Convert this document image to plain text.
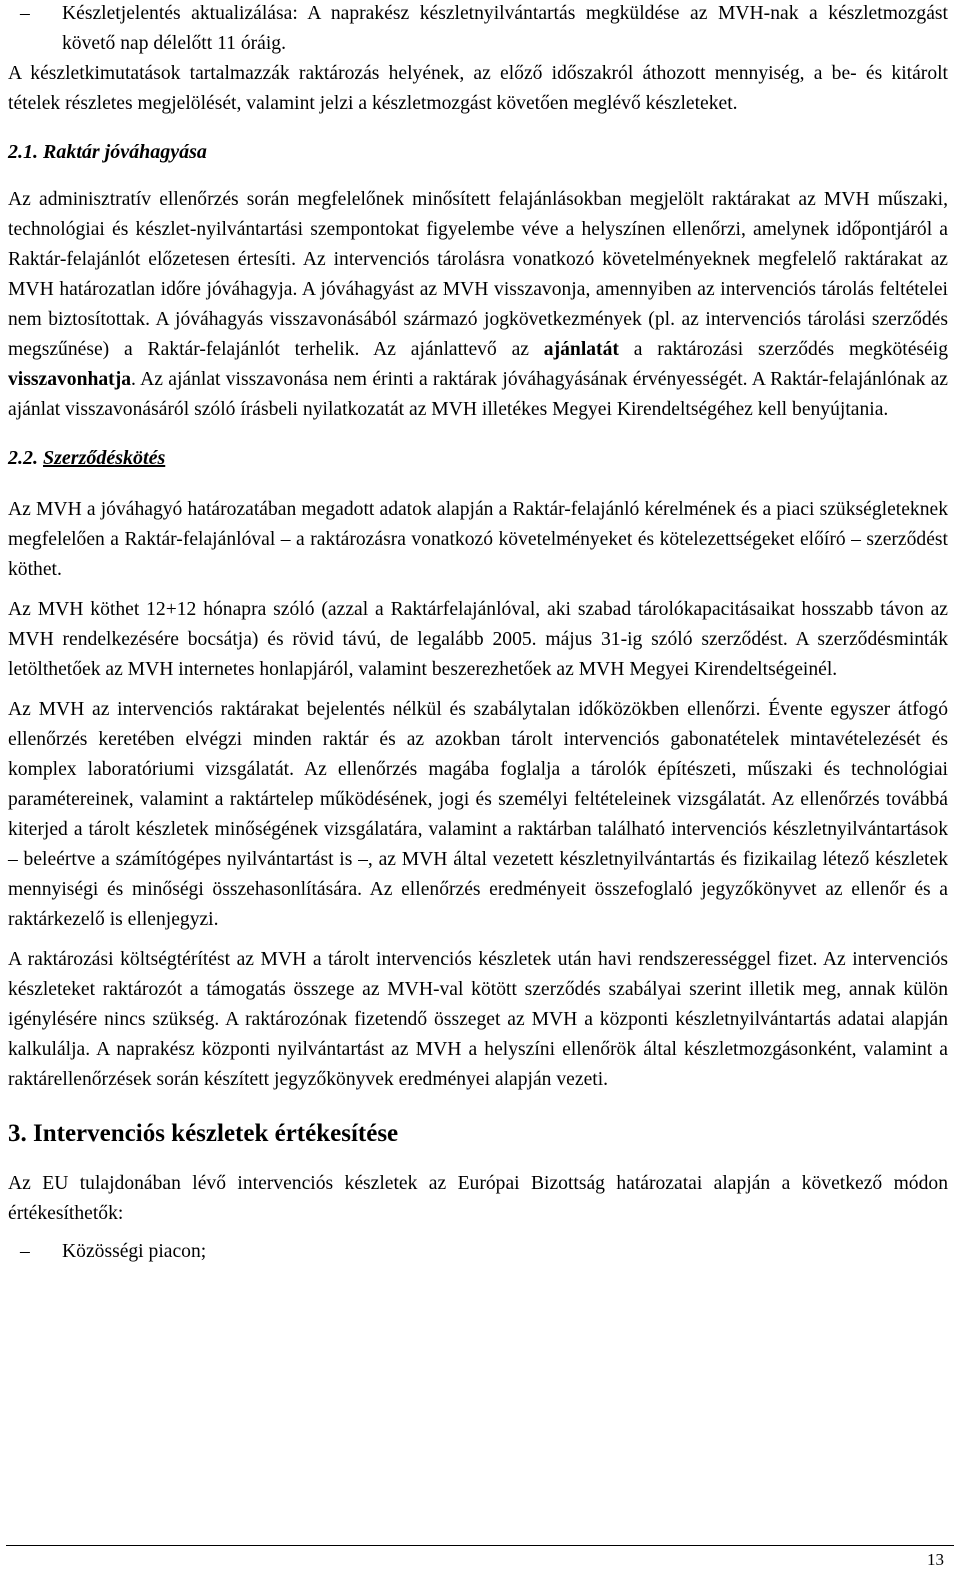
–	Készletjelentés aktualizálása: A naprakész készletnyilvántartás megküldése az MVH-nak a készletmozgást követő nap délelőtt 11 óráig.

A készletkimutatások tartalmazzák raktározás helyének, az előző időszakról áthozott mennyiség, a be- és kitárolt tételek részletes megjelölését, valamint jelzi a készletmozgást követően meglévő készleteket.

2.1. Raktár jóváhagyása

Az adminisztratív ellenőrzés során megfelelőnek minősített felajánlásokban megjelölt raktárakat az MVH műszaki, technológiai és készlet-nyilvántartási szempontokat figyelembe véve a helyszínen ellenőrzi, amelynek időpontjáról a Raktár-felajánlót előzetesen értesíti. Az intervenciós tárolásra vonatkozó követelményeknek megfelelő raktárakat az MVH határozatlan időre jóváhagyja. A jóváhagyást az MVH visszavonja, amennyiben az intervenciós tárolás feltételei nem biztosítottak. A jóváhagyás visszavonásából származó jogkövetkezmények (pl. az intervenciós tárolási szerződés megszűnése) a Raktár-felajánlót terhelik. Az ajánlattevő az ajánlatát a raktározási szerződés megkötéséig visszavonhatja. Az ajánlat visszavonása nem érinti a raktárak jóváhagyásának érvényességét. A Raktár-felajánlónak az ajánlat visszavonásáról szóló írásbeli nyilatkozatát az MVH illetékes Megyei Kirendeltségéhez kell benyújtania.

2.2. Szerződéskötés

Az MVH a jóváhagyó határozatában megadott adatok alapján a Raktár-felajánló kérelmének és a piaci szükségleteknek megfelelően a Raktár-felajánlóval – a raktározásra vonatkozó követelményeket és kötelezettségeket előíró – szerződést köthet.

Az MVH köthet 12+12 hónapra szóló (azzal a Raktárfelajánlóval, aki szabad tárolókapacitásaikat hosszabb távon az MVH rendelkezésére bocsátja) és rövid távú, de legalább 2005. május 31-ig szóló szerződést. A szerződésminták letölthetőek az MVH internetes honlapjáról, valamint beszerezhetőek az MVH Megyei Kirendeltségeinél.

Az MVH az intervenciós raktárakat bejelentés nélkül és szabálytalan időközökben ellenőrzi. Évente egyszer átfogó ellenőrzés keretében elvégzi minden raktár és az azokban tárolt intervenciós gabonatételek mintavételezését és komplex laboratóriumi vizsgálatát. Az ellenőrzés magába foglalja a tárolók építészeti, műszaki és technológiai paramétereinek, valamint a raktártelep működésének, jogi és személyi feltételeinek vizsgálatát. Az ellenőrzés továbbá kiterjed a tárolt készletek minőségének vizsgálatára, valamint a raktárban található intervenciós készletnyilvántartások – beleértve a számítógépes nyilvántartást is –, az MVH által vezetett készletnyilvántartás és fizikailag létező készletek mennyiségi és minőségi összehasonlítására. Az ellenőrzés eredményeit összefoglaló jegyzőkönyvet az ellenőr és a raktárkezelő is ellenjegyzi.

A raktározási költségtérítést az MVH a tárolt intervenciós készletek után havi rendszerességgel fizet. Az intervenciós készleteket raktározót a támogatás összege az MVH-val kötött szerződés szabályai szerint illetik meg, annak külön igénylésére nincs szükség. A raktározónak fizetendő összeget az MVH a központi készletnyilvántartás adatai alapján kalkulálja. A naprakész központi nyilvántartást az MVH a helyszíni ellenőrök által készletmozgásonként, valamint a raktárellenőrzések során készített jegyzőkönyvek eredményei alapján vezeti.

3. Intervenciós készletek értékesítése

Az EU tulajdonában lévő intervenciós készletek az Európai Bizottság határozatai alapján a következő módon értékesíthetők:

–	Közösségi piacon;
13
